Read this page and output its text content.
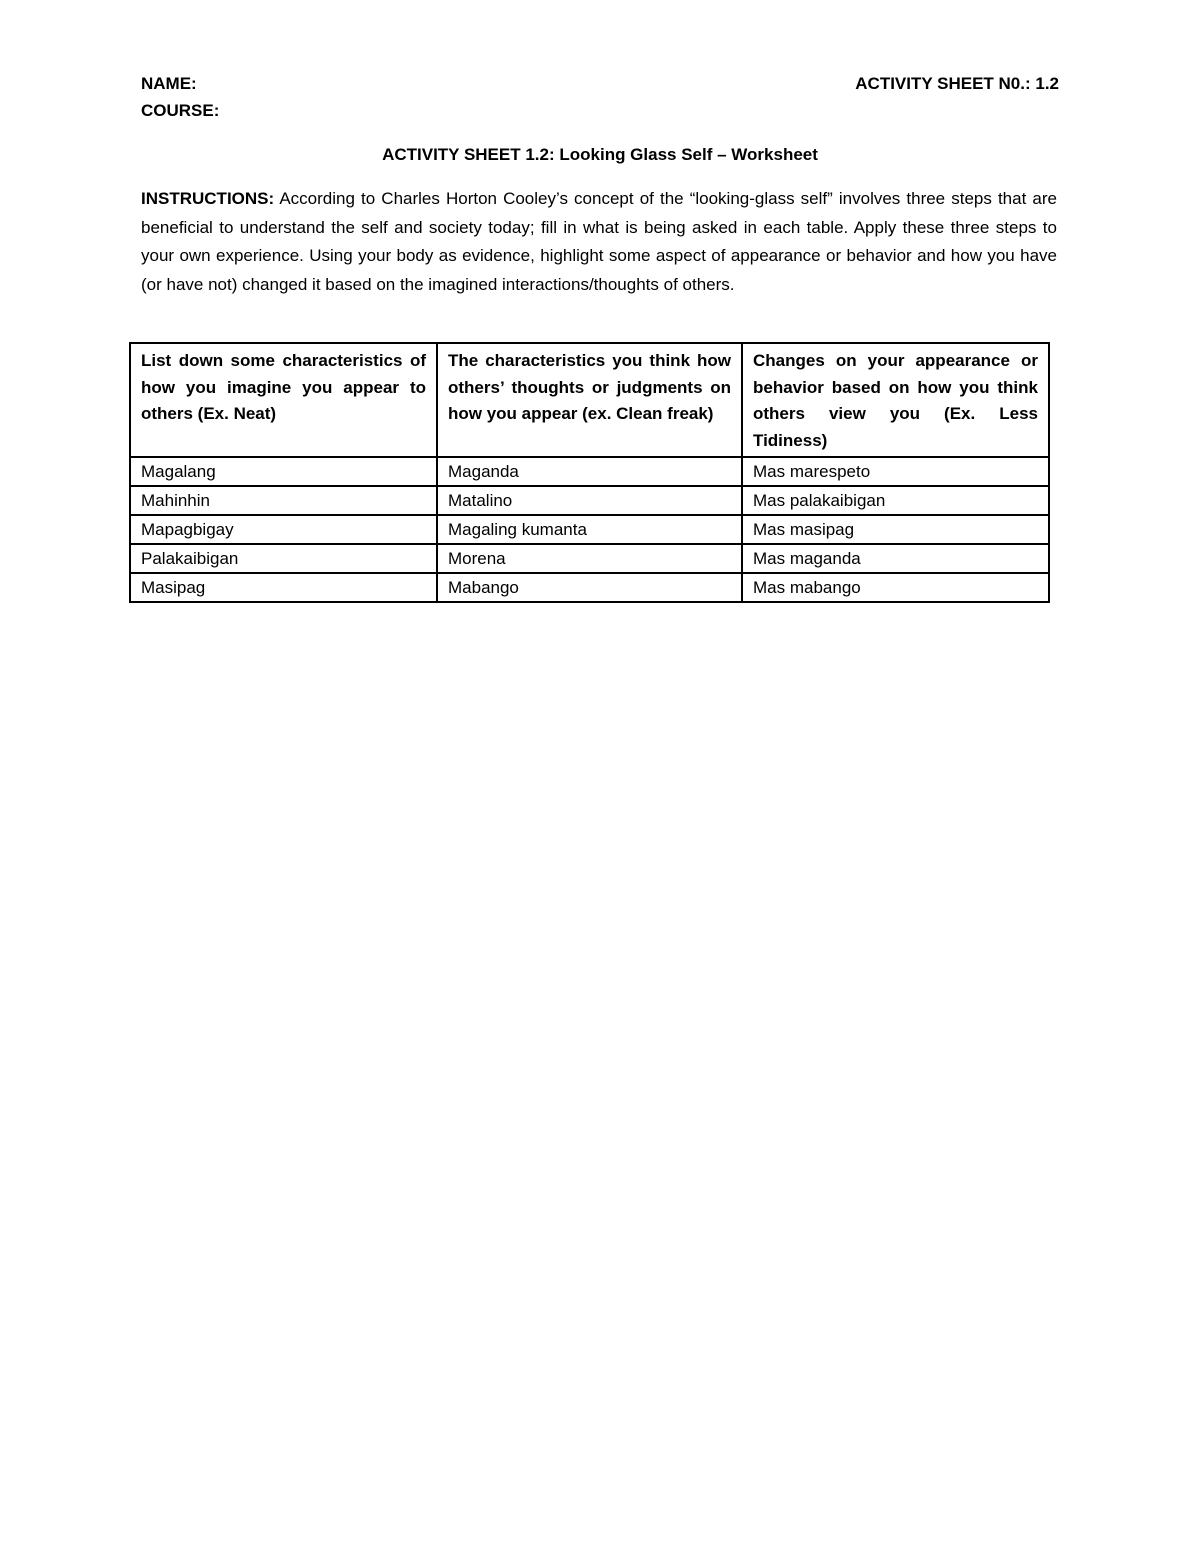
NAME:	ACTIVITY SHEET N0.: 1.2
COURSE:
ACTIVITY SHEET 1.2: Looking Glass Self – Worksheet
INSTRUCTIONS: According to Charles Horton Cooley’s concept of the “looking-glass self” involves three steps that are beneficial to understand the self and society today; fill in what is being asked in each table. Apply these three steps to your own experience. Using your body as evidence, highlight some aspect of appearance or behavior and how you have (or have not) changed it based on the imagined interactions/thoughts of others.
List down some characteristics of how you imagine you appear to others (Ex. Neat)	The characteristics you think how others’ thoughts or judgments on how you appear (ex. Clean freak)	Changes on your appearance or behavior based on how you think others view you (Ex. Less Tidiness)
Magalang	Maganda	Mas marespeto
Mahinhin	Matalino	Mas palakaibigan
Mapagbigay	Magaling kumanta	Mas masipag
Palakaibigan	Morena	Mas maganda
Masipag	Mabango	Mas mabango
